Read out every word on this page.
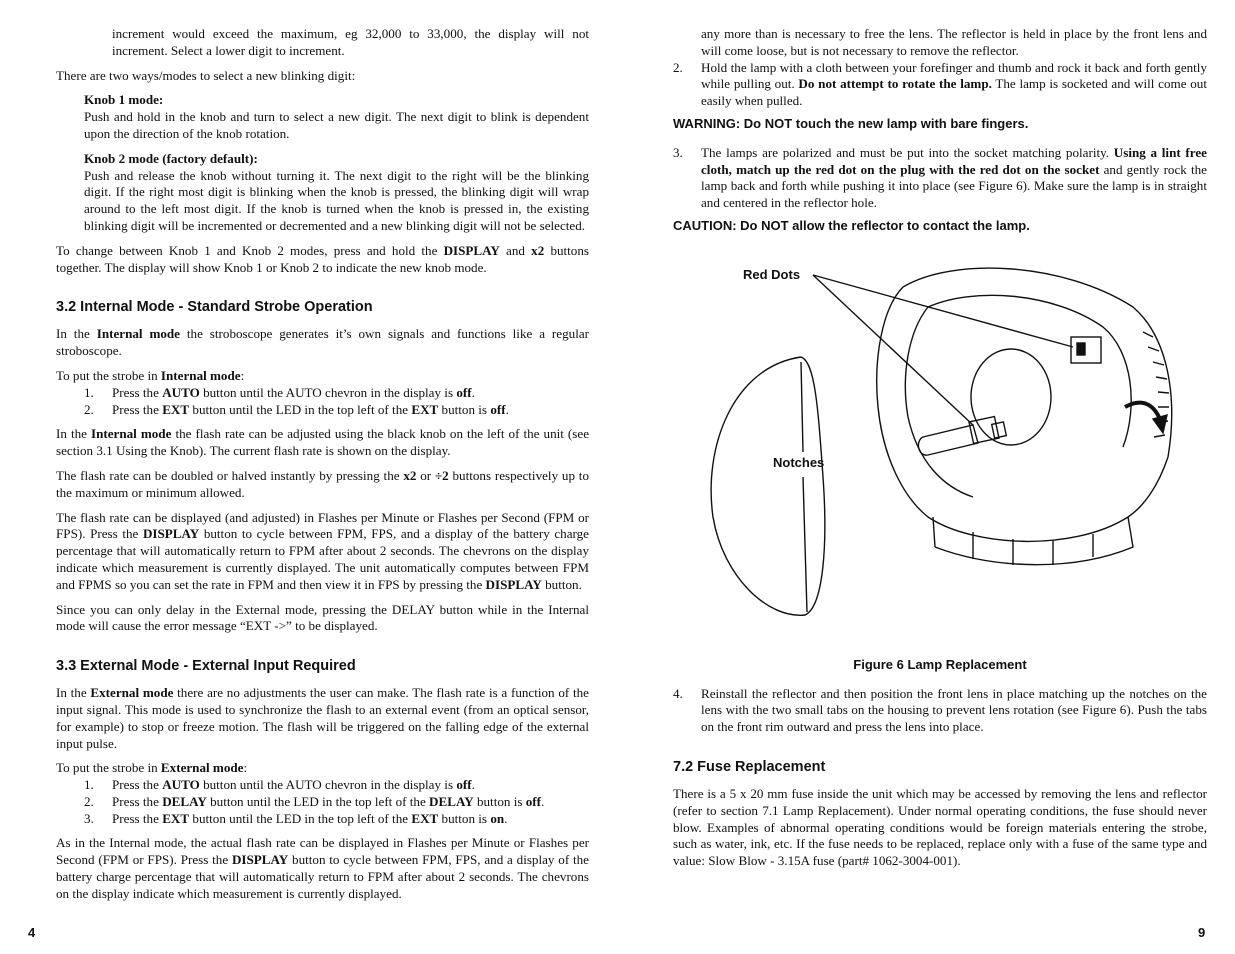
increment would exceed the maximum, eg 32,000 to 33,000, the display will not increment. Select a lower digit to increment.

There are two ways/modes to select a new blinking digit:

Knob 1 mode:

Push and hold in the knob and turn to select a new digit. The next digit to blink is dependent upon the direction of the knob rotation.

Knob 2 mode (factory default):

Push and release the knob without turning it. The next digit to the right will be the blinking digit. If the right most digit is blinking when the knob is pressed, the blinking digit will wrap around to the left most digit. If the knob is turned when the knob is pressed in, the existing blinking digit will be incremented or decremented and a new blinking digit will not be selected.

To change between Knob 1 and Knob 2 modes, press and hold the DISPLAY and x2 buttons together. The display will show Knob 1 or Knob 2 to indicate the new knob mode.

3.2 Internal Mode - Standard Strobe Operation

In the Internal mode the stroboscope generates it’s own signals and functions like a regular stroboscope.

To put the strobe in Internal mode:

1. Press the AUTO button until the AUTO chevron in the display is off.
2. Press the EXT button until the LED in the top left of the EXT button is off.

In the Internal mode the flash rate can be adjusted using the black knob on the left of the unit (see section 3.1 Using the Knob). The current flash rate is shown on the display.

The flash rate can be doubled or halved instantly by pressing the x2 or ÷2 buttons respectively up to the maximum or minimum allowed.

The flash rate can be displayed (and adjusted) in Flashes per Minute or Flashes per Second (FPM or FPS). Press the DISPLAY button to cycle between FPM, FPS, and a display of the battery charge percentage that will automatically return to FPM after about 2 seconds. The chevrons on the display indicate which measurement is currently displayed. The unit automatically computes between FPM and FPMS so you can set the rate in FPM and then view it in FPS by pressing the DISPLAY button.

Since you can only delay in the External mode, pressing the DELAY button while in the Internal mode will cause the error message “EXT ->” to be displayed.

3.3 External Mode - External Input Required

In the External mode there are no adjustments the user can make. The flash rate is a function of the input signal. This mode is used to synchronize the flash to an external event (from an optical sensor, for example) to stop or freeze motion. The flash will be triggered on the falling edge of the external input pulse.

To put the strobe in External mode:

1. Press the AUTO button until the AUTO chevron in the display is off.
2. Press the DELAY button until the LED in the top left of the DELAY button is off.
3. Press the EXT button until the LED in the top left of the EXT button is on.

As in the Internal mode, the actual flash rate can be displayed in Flashes per Minute or Flashes per Second (FPM or FPS). Press the DISPLAY button to cycle between FPM, FPS, and a display of the battery charge percentage that will automatically return to FPM after about 2 seconds. The chevrons on the display indicate which measurement is currently displayed.

4

any more than is necessary to free the lens. The reflector is held in place by the front lens and will come loose, but is not necessary to remove the reflector.

2. Hold the lamp with a cloth between your forefinger and thumb and rock it back and forth gently while pulling out. Do not attempt to rotate the lamp. The lamp is socketed and will come out easily when pulled.

WARNING: Do NOT touch the new lamp with bare fingers.

3. The lamps are polarized and must be put into the socket matching polarity. Using a lint free cloth, match up the red dot on the plug with the red dot on the socket and gently rock the lamp back and forth while pushing it into place (see Figure 6). Make sure the lamp is in straight and centered in the reflector hole.

CAUTION: Do NOT allow the reflector to contact the lamp.

Red Dots
Notches

Figure 6 Lamp Replacement

4. Reinstall the reflector and then position the front lens in place matching up the notches on the lens with the two small tabs on the housing to prevent lens rotation (see Figure 6). Push the tabs on the front rim outward and press the lens into place.
7.2 Fuse Replacement

There is a 5 x 20 mm fuse inside the unit which may be accessed by removing the lens and reflector (refer to section 7.1 Lamp Replacement). Under normal operating conditions, the fuse should never blow. Examples of abnormal operating conditions would be foreign materials entering the strobe, such as water, ink, etc. If the fuse needs to be replaced, replace only with a fuse of the same type and value: Slow Blow - 3.15A fuse (part# 1062-3004-001).

9
